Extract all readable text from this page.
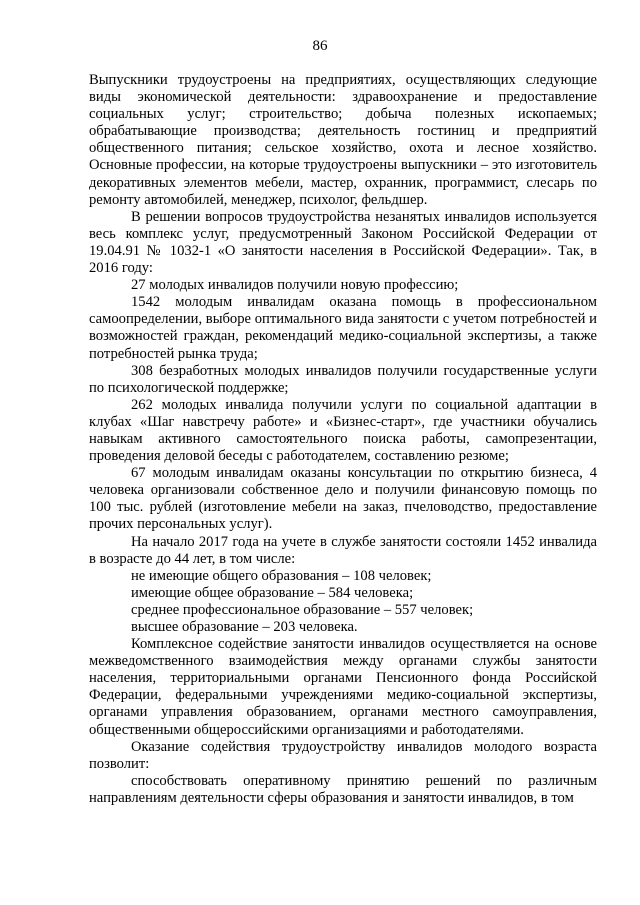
86

Выпускники трудоустроены на предприятиях, осуществляющих следующие виды экономической деятельности: здравоохранение и предоставление социальных услуг; строительство; добыча полезных ископаемых; обрабатывающие производства; деятельность гостиниц и предприятий общественного питания; сельское хозяйство, охота и лесное хозяйство. Основные профессии, на которые трудоустроены выпускники – это изготовитель декоративных элементов мебели, мастер, охранник, программист, слесарь по ремонту автомобилей, менеджер, психолог, фельдшер.

В решении вопросов трудоустройства незанятых инвалидов используется весь комплекс услуг, предусмотренный Законом Российской Федерации от 19.04.91 № 1032-1 «О занятости населения в Российской Федерации». Так, в 2016 году:

27 молодых инвалидов получили новую профессию;

1542 молодым инвалидам оказана помощь в профессиональном самоопределении, выборе оптимального вида занятости с учетом потребностей и возможностей граждан, рекомендаций медико-социальной экспертизы, а также потребностей рынка труда;

308 безработных молодых инвалидов получили государственные услуги по психологической поддержке;

262 молодых инвалида получили услуги по социальной адаптации в клубах «Шаг навстречу работе» и «Бизнес-старт», где участники обучались навыкам активного самостоятельного поиска работы, самопрезентации, проведения деловой беседы с работодателем, составлению резюме;

67 молодым инвалидам оказаны консультации по открытию бизнеса, 4 человека организовали собственное дело и получили финансовую помощь по 100 тыс. рублей (изготовление мебели на заказ, пчеловодство, предоставление прочих персональных услуг).

На начало 2017 года на учете в службе занятости состояли 1452 инвалида в возрасте до 44 лет, в том числе:

не имеющие общего образования – 108 человек;

имеющие общее образование – 584 человека;

среднее профессиональное образование – 557 человек;

высшее образование – 203 человека.

Комплексное содействие занятости инвалидов осуществляется на основе межведомственного взаимодействия между органами службы занятости населения, территориальными органами Пенсионного фонда Российской Федерации, федеральными учреждениями медико-социальной экспертизы, органами управления образованием, органами местного самоуправления, общественными общероссийскими организациями и работодателями.

Оказание содействия трудоустройству инвалидов молодого возраста позволит:

способствовать оперативному принятию решений по различным направлениям деятельности сферы образования и занятости инвалидов, в том
